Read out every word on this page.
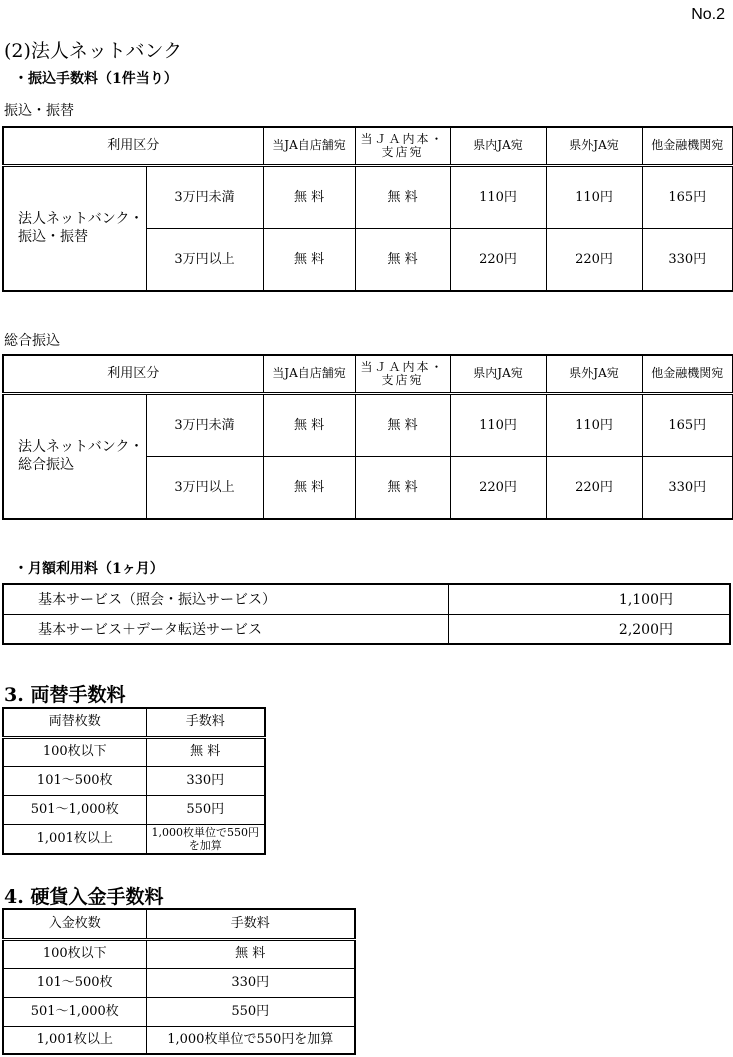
No.2
(2)法人ネットバンク
・振込手数料（1件当り）
振込・振替
利用区分		当JA自店舗宛	当ＪＡ内本・支店宛	県内JA宛	県外JA宛	他金融機関宛
法人ネットバンク・振込・振替	3万円未満	無 料	無 料	110円	110円	165円
	3万円以上	無 料	無 料	220円	220円	330円
総合振込
利用区分		当JA自店舗宛	当ＪＡ内本・支店宛	県内JA宛	県外JA宛	他金融機関宛
法人ネットバンク・総合振込	3万円未満	無 料	無 料	110円	110円	165円
	3万円以上	無 料	無 料	220円	220円	330円
・月額利用料（1ヶ月）
基本サービス（照会・振込サービス）	1,100円
基本サービス＋データ転送サービス	2,200円
3. 両替手数料
両替枚数	手数料
100枚以下	無 料
101～500枚	330円
501～1,000枚	550円
1,001枚以上	1,000枚単位で550円を加算
4. 硬貨入金手数料
入金枚数	手数料
100枚以下	無 料
101～500枚	330円
501～1,000枚	550円
1,001枚以上	1,000枚単位で550円を加算
